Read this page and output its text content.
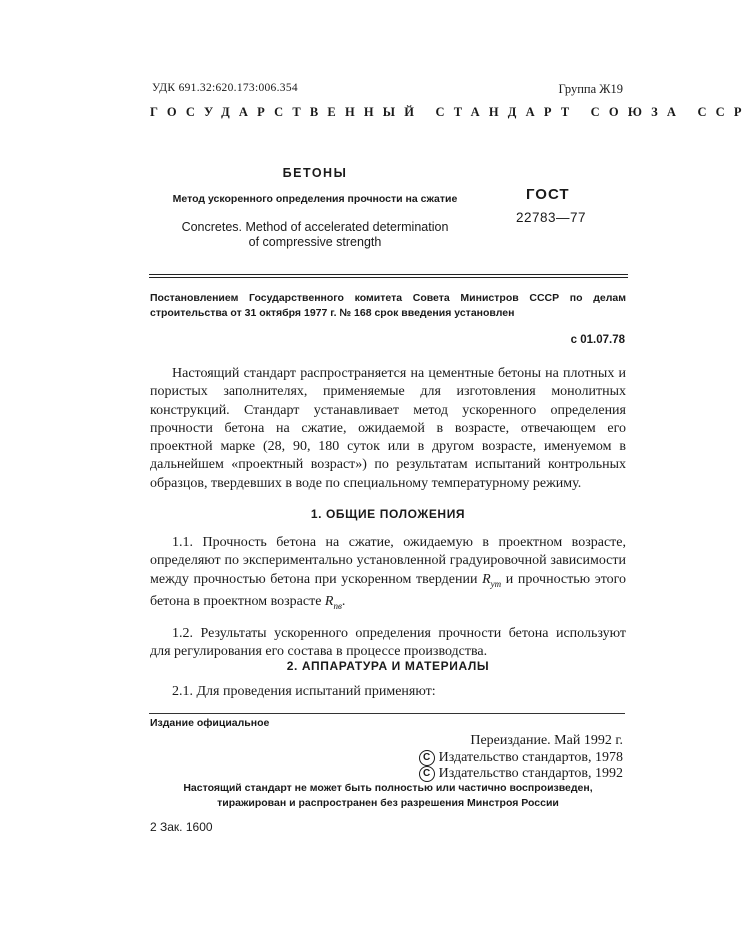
УДК 691.32:620.173:006.354	Группа Ж19
ГОСУДАРСТВЕННЫЙ СТАНДАРТ СОЮЗА ССР
БЕТОНЫ
Метод ускоренного определения прочности на сжатие
Concretes. Method of accelerated determination
of compressive strength
ГОСТ
22783—77
Постановлением Государственного комитета Совета Министров СССР по делам строительства от 31 октября 1977 г. № 168 срок введения установлен
с 01.07.78
Настоящий стандарт распространяется на цементные бетоны на плотных и пористых заполнителях, применяемые для изготовления монолитных конструкций. Стандарт устанавливает метод ускоренного определения прочности бетона на сжатие, ожидаемой в возрасте, отвечающем его проектной марке (28, 90, 180 суток или в другом возрасте, именуемом в дальнейшем «проектный возраст») по результатам испытаний контрольных образцов, твердевших в воде по специальному температурному режиму.
1. ОБЩИЕ ПОЛОЖЕНИЯ
1.1. Прочность бетона на сжатие, ожидаемую в проектном возрасте, определяют по экспериментально установленной градуировочной зависимости между прочностью бетона при ускоренном твердении $R_{ут}$ и прочностью этого бетона в проектном возрасте $R_{пв}$.
1.2. Результаты ускоренного определения прочности бетона используют для регулирования его состава в процессе производства.
2. АППАРАТУРА И МАТЕРИАЛЫ
2.1. Для проведения испытаний применяют:
Издание официальное
Переиздание. Май 1992 г.
С Издательство стандартов, 1978
С Издательство стандартов, 1992
Настоящий стандарт не может быть полностью или частично воспроизведен, тиражирован и распространен без разрешения Минстроя России
2 Зак. 1600
